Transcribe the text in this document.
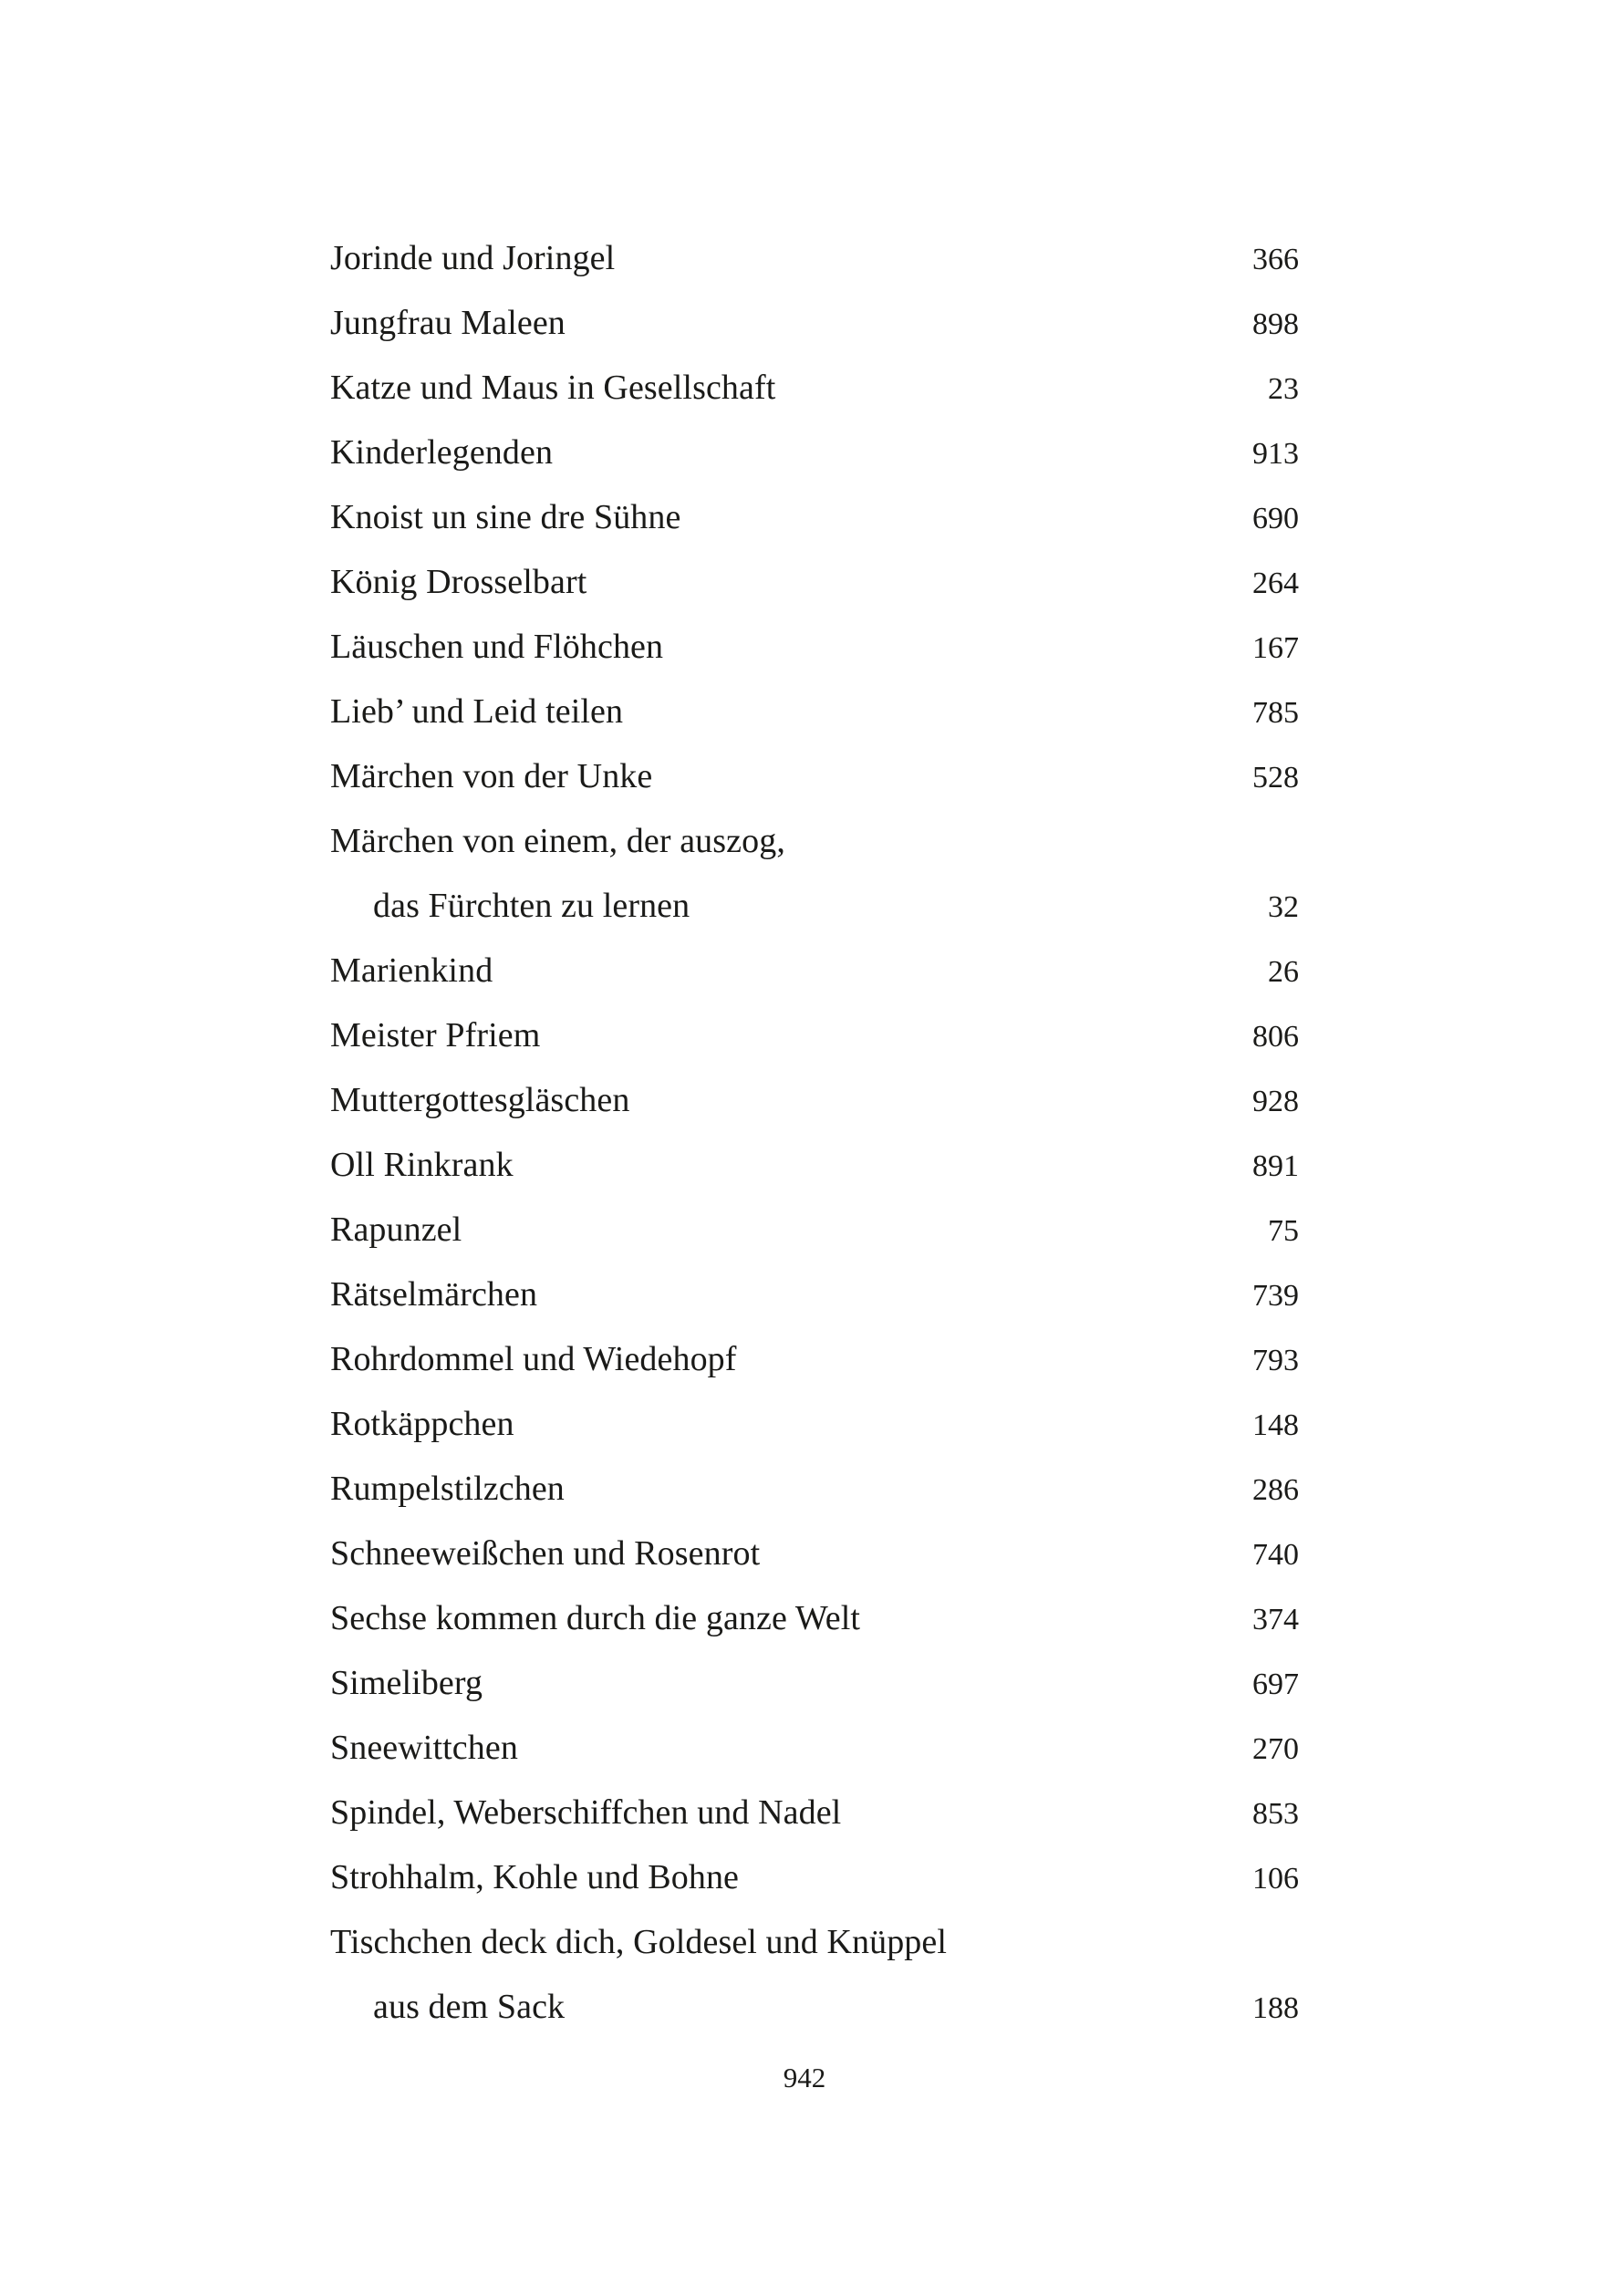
Jorinde und Joringel	366
Jungfrau Maleen	898
Katze und Maus in Gesellschaft	23
Kinderlegenden	913
Knoist un sine dre Sühne	690
König Drosselbart	264
Läuschen und Flöhchen	167
Lieb’ und Leid teilen	785
Märchen von der Unke	528
Märchen von einem, der auszog,
das Fürchten zu lernen	32
Marienkind	26
Meister Pfriem	806
Muttergottesgläschen	928
Oll Rinkrank	891
Rapunzel	75
Rätselmärchen	739
Rohrdommel und Wiedehopf	793
Rotkäppchen	148
Rumpelstilzchen	286
Schneeweißchen und Rosenrot	740
Sechse kommen durch die ganze Welt	374
Simeliberg	697
Sneewittchen	270
Spindel, Weberschiffchen und Nadel	853
Strohhalm, Kohle und Bohne	106
Tischchen deck dich, Goldesel und Knüppel
aus dem Sack	188
942
